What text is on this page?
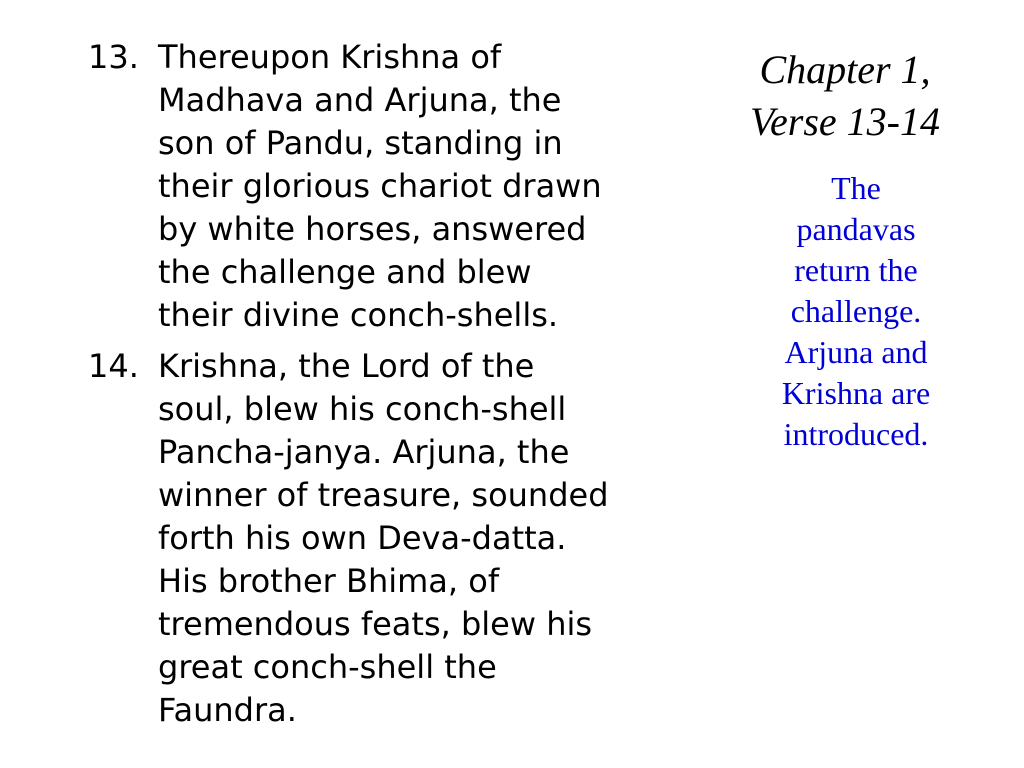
13. Thereupon Krishna of
Madhava and Arjuna, the
son of Pandu, standing in
their glorious chariot drawn
by white horses, answered
the challenge and blew
their divine conch-shells.
14. Krishna, the Lord of the
soul, blew his conch-shell
Pancha-janya. Arjuna, the
winner of treasure, sounded
forth his own Deva-datta.
His brother Bhima, of
tremendous feats, blew his
great conch-shell the
Faundra.
Chapter 1,
Verse 13-14

The
pandavas
return the
challenge.
Arjuna and
Krishna are
introduced.
